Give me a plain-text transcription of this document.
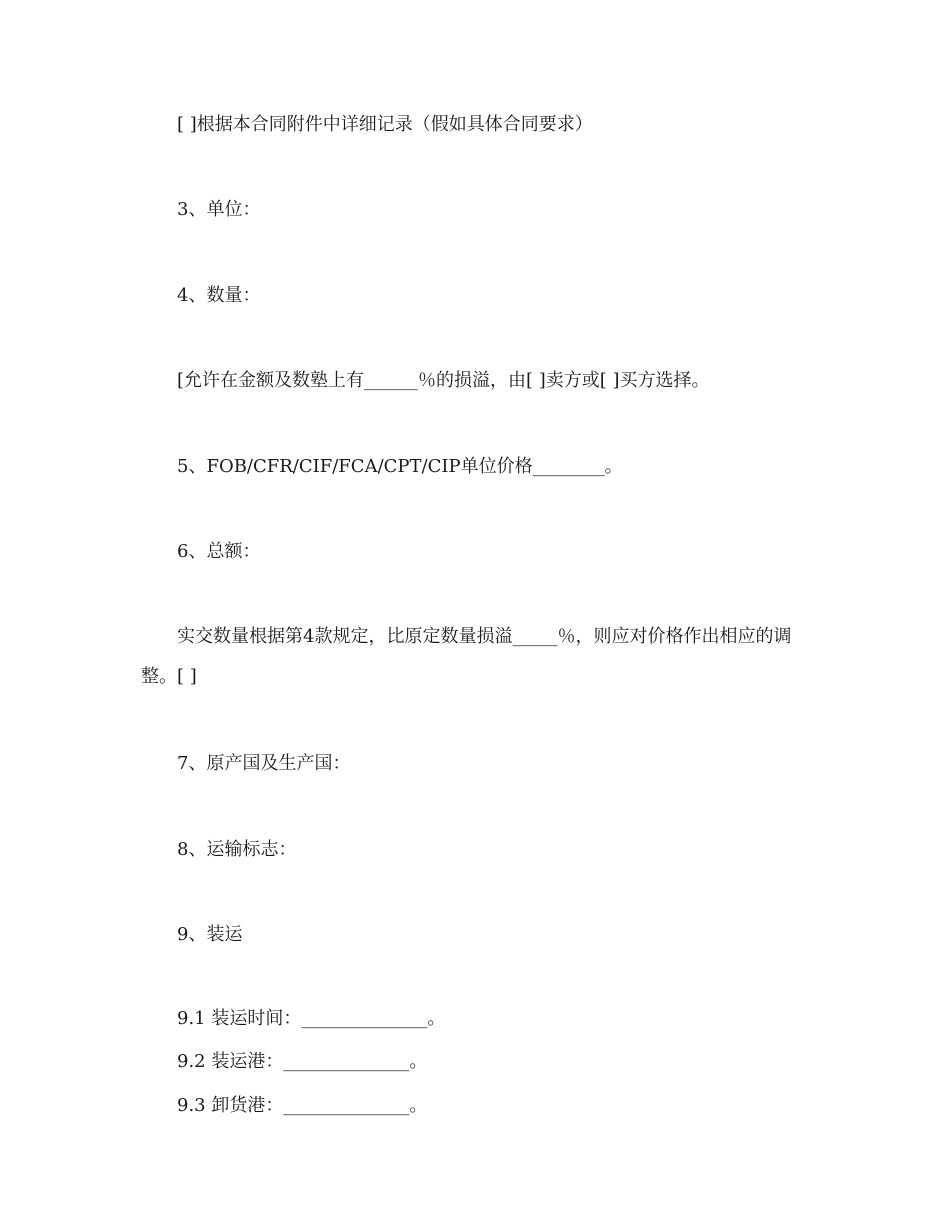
[ ]根据本合同附件中详细记录（假如具体合同要求）
3、单位：
4、数量：
[允许在金额及数塾上有______％的损溢，由[ ]卖方或[ ]买方选择。
5、FOB/CFR/CIF/FCA/CPT/CIP单位价格________。
6、总额：
实交数量根据第4款规定，比原定数量损溢_____％，则应对价格作出相应的调
整。[ ]
7、原产国及生产国：
8、运输标志：
9、装运
9.1 装运时间：______________。
9.2 装运港：______________。
9.3 卸货港：______________。
